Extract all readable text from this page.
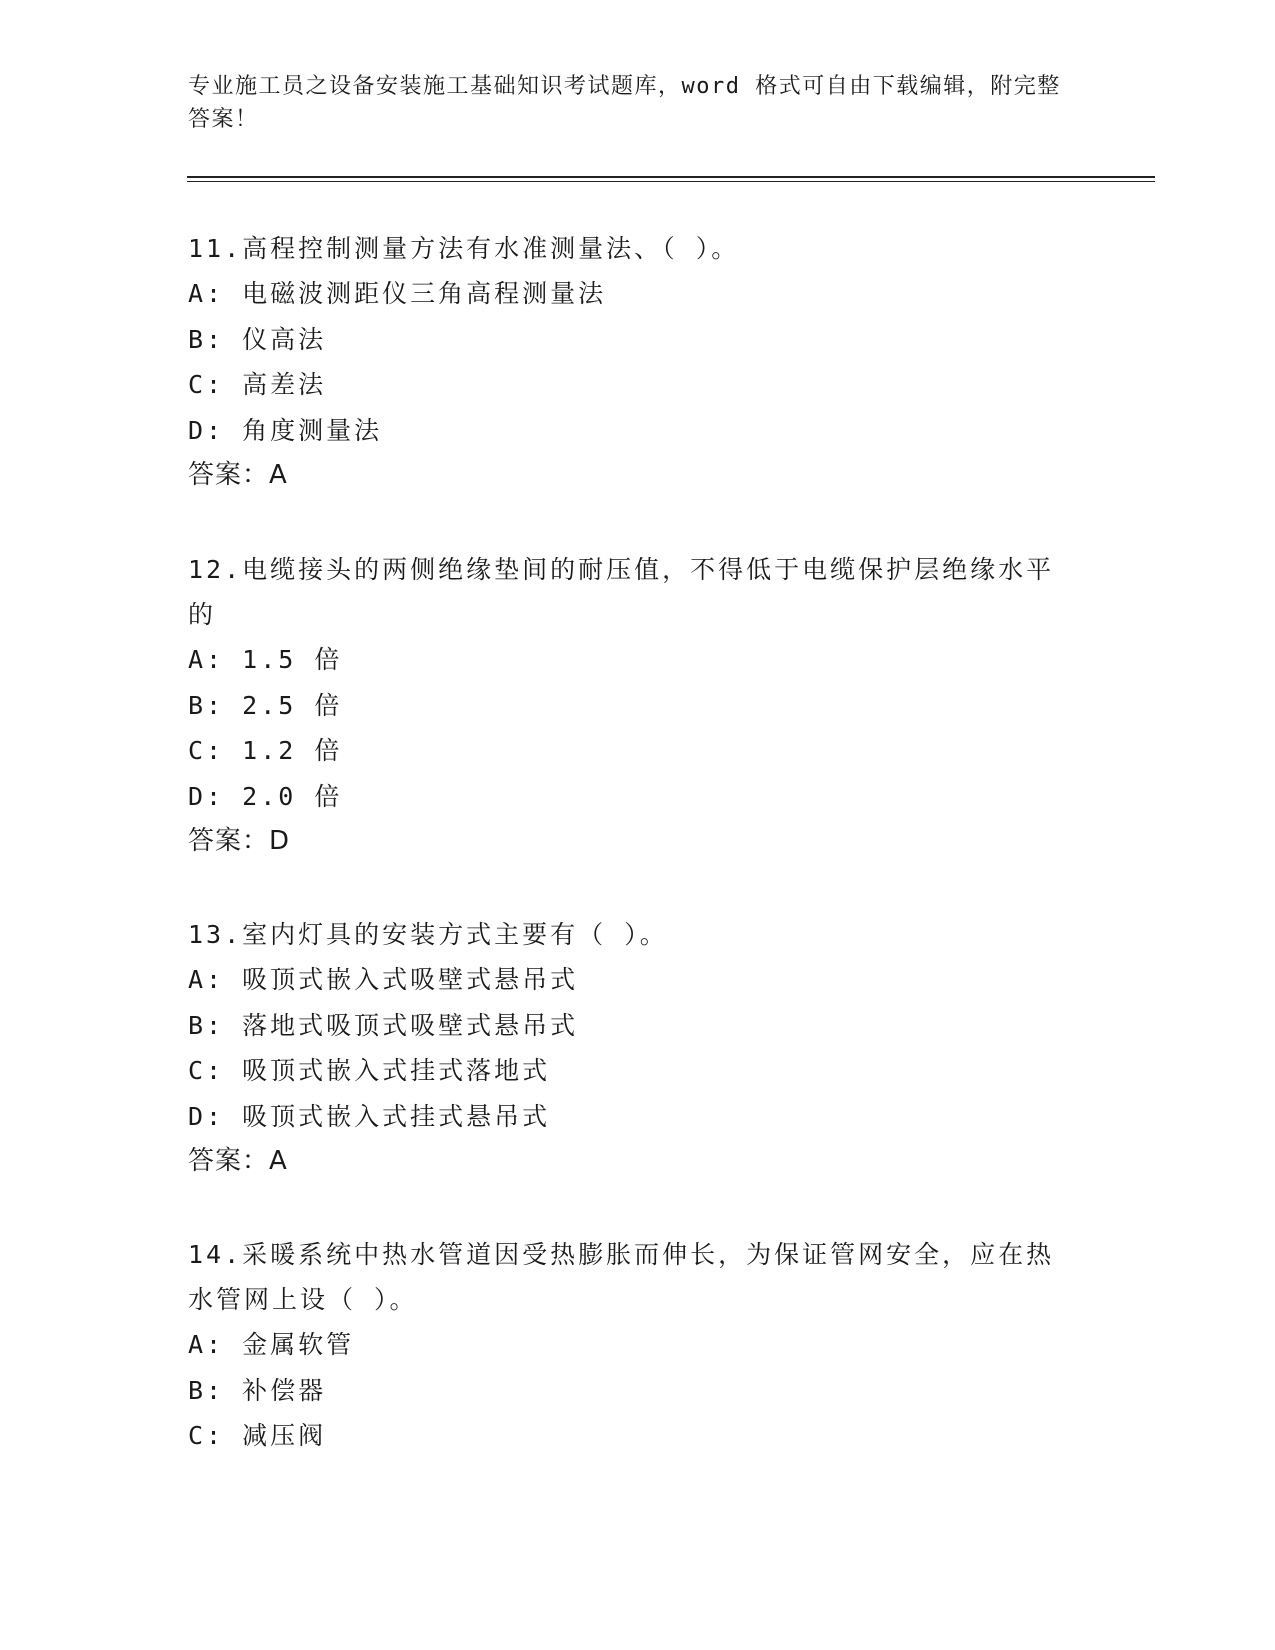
专业施工员之设备安装施工基础知识考试题库，word 格式可自由下载编辑，附完整答案！
11.高程控制测量方法有水准测量法、（ ）。
A: 电磁波测距仪三角高程测量法
B: 仪高法
C: 高差法
D: 角度测量法
答案：A
12.电缆接头的两侧绝缘垫间的耐压值，不得低于电缆保护层绝缘水平的
A: 1.5 倍
B: 2.5 倍
C: 1.2 倍
D: 2.0 倍
答案：D
13.室内灯具的安装方式主要有（ ）。
A: 吸顶式嵌入式吸壁式悬吊式
B: 落地式吸顶式吸壁式悬吊式
C: 吸顶式嵌入式挂式落地式
D: 吸顶式嵌入式挂式悬吊式
答案：A
14.采暖系统中热水管道因受热膨胀而伸长，为保证管网安全，应在热水管网上设（ ）。
A: 金属软管
B: 补偿器
C: 减压阀
